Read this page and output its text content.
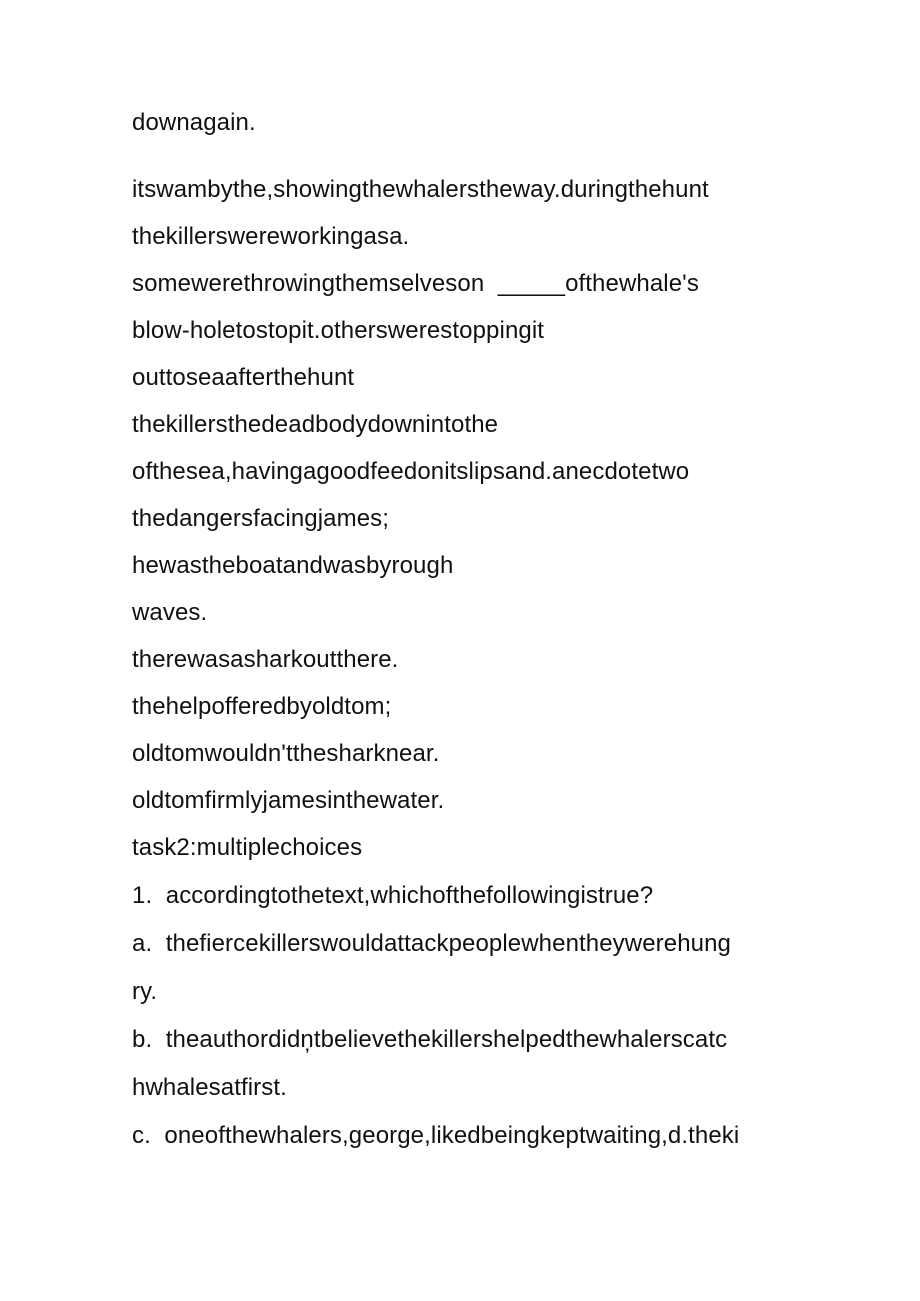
downagain.
itswambythe,showingthewhalerstheway.duringthehunt
thekillerswereworkingasa.
somewerethrowingthemselveson  _____ofthewhale's
blow-holetostopit.otherswerestoppingit
outtoseaafterthehunt
thekillersthedeadbodydownintothe
ofthesea,havingagoodfeedonitslipsand.anecdotetwo
thedangersfacingjames;
hewastheboatandwasbyrough
waves.
therewasasharkoutthere.
thehelpofferedbyoldtom;
oldtomwouldn'tthesharknear.
oldtomfirmlyjamesinthewater.
task2:multiplechoices
1.  accordingtothetext,whichofthefollowingistrue?
a.  thefiercekillerswouldattackpeoplewhentheywerehung
ry.
b.  theauthordidn̦tbelievethekillershelpedthewhalerscatc
hwhalesatfirst.
c.  oneofthewhalers,george,likedbeingkeptwaiting,d.theki
